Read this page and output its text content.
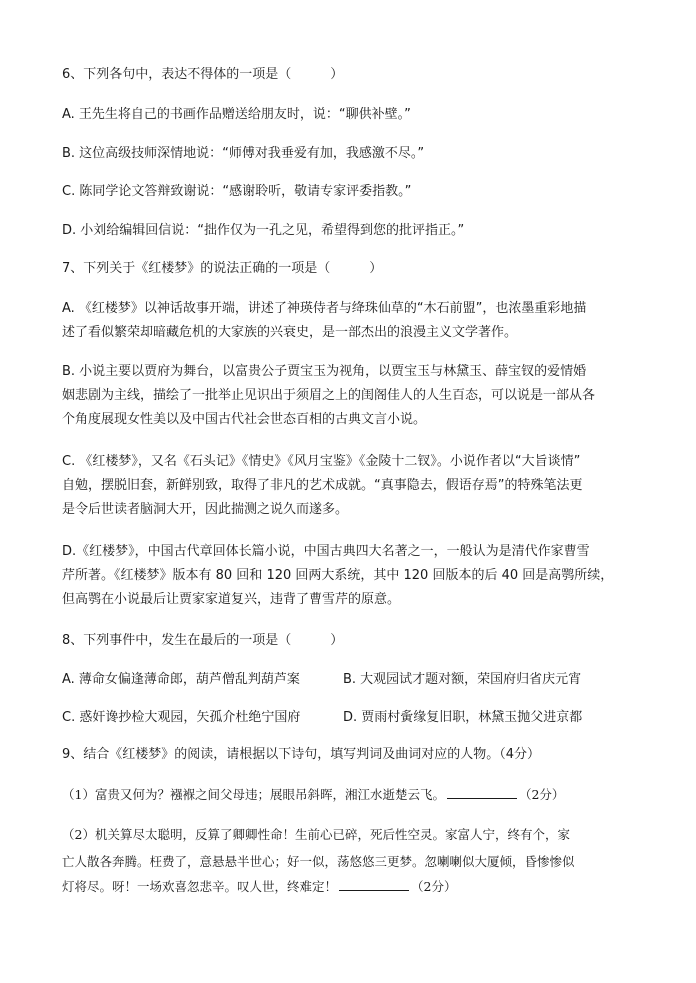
6、下列各句中，表达不得体的一项是（　　　）
A. 王先生将自己的书画作品赠送给朋友时，说：“聊供补壁。”
B. 这位高级技师深情地说：“师傅对我垂爱有加，我感激不尽。”
C. 陈同学论文答辩致谢说：“感谢聆听，敬请专家评委指教。”
D. 小刘给编辑回信说：“拙作仅为一孔之见，希望得到您的批评指正。”
7、下列关于《红楼梦》的说法正确的一项是（　　　）
A. 《红楼梦》以神话故事开端，讲述了神瑛侍者与绛珠仙草的“木石前盟”，也浓墨重彩地描
述了看似繁荣却暗藏危机的大家族的兴衰史，是一部杰出的浪漫主义文学著作。
B. 小说主要以贾府为舞台，以富贵公子贾宝玉为视角，以贾宝玉与林黛玉、薛宝钗的爱情婚
姻悲剧为主线，描绘了一批举止见识出于须眉之上的闺阁佳人的人生百态，可以说是一部从各
个角度展现女性美以及中国古代社会世态百相的古典文言小说。
C. 《红楼梦》，又名《石头记》《情史》《风月宝鉴》《金陵十二钗》。小说作者以“大旨谈情”
自勉，摆脱旧套，新鲜别致，取得了非凡的艺术成就。“真事隐去，假语存焉”的特殊笔法更
是令后世读者脑洞大开，因此揣测之说久而遂多。
D.《红楼梦》，中国古代章回体长篇小说，中国古典四大名著之一，一般认为是清代作家曹雪
芹所著。《红楼梦》版本有 80 回和 120 回两大系统，其中 120 回版本的后 40 回是高鹗所续，
但高鹗在小说最后让贾家家道复兴，违背了曹雪芹的原意。
8、下列事件中，发生在最后的一项是（　　　）
A. 薄命女偏逢薄命郎，葫芦僧乱判葫芦案	B. 大观园试才题对额，荣国府归省庆元宵
C. 惑奸谗抄检大观园，矢孤介杜绝宁国府	D. 贾雨村夤缘复旧职，林黛玉抛父进京都
9、结合《红楼梦》的阅读，请根据以下诗句，填写判词及曲词对应的人物。（4分）
（1）富贵又何为？襁褓之间父母违；展眼吊斜晖，湘江水逝楚云飞。	（2分）
（2）机关算尽太聪明，反算了卿卿性命！生前心已碎，死后性空灵。家富人宁，终有个，家
亡人散各奔腾。枉费了，意悬悬半世心；好一似，荡悠悠三更梦。忽喇喇似大厦倾，昏惨惨似
灯将尽。呀！一场欢喜忽悲辛。叹人世，终难定！	（2分）
